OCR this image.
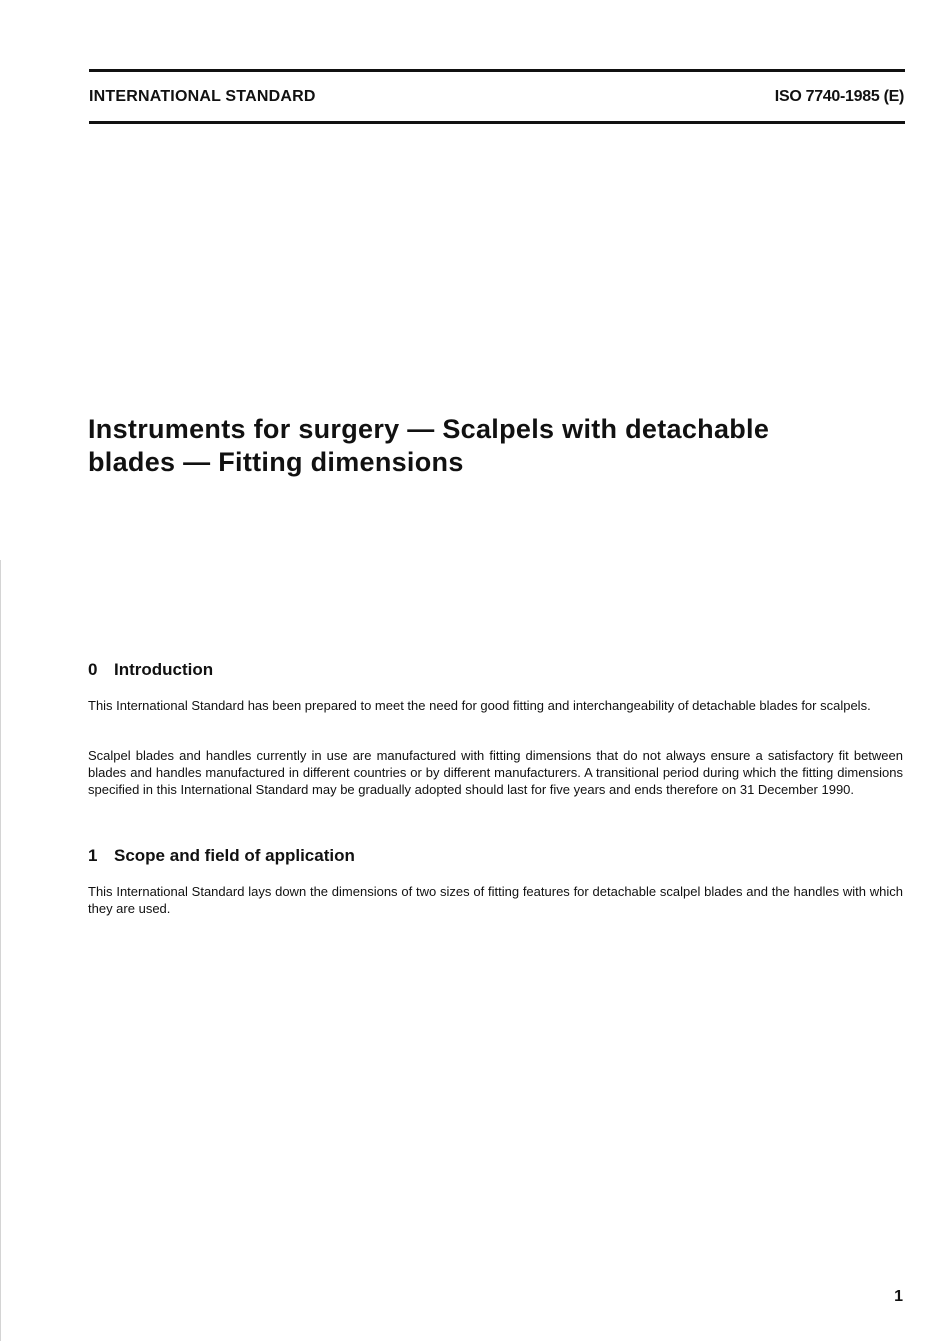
INTERNATIONAL STANDARD	ISO 7740-1985 (E)
Instruments for surgery — Scalpels with detachable
blades — Fitting dimensions
0 Introduction

This International Standard has been prepared to meet the need for good fitting and interchangeability of detachable blades for scalpels.

Scalpel blades and handles currently in use are manufactured with fitting dimensions that do not always ensure a satisfactory fit between blades and handles manufactured in different countries or by different manufacturers. A transitional period during which the fitting dimensions specified in this International Standard may be gradually adopted should last for five years and ends therefore on 31 December 1990.

1 Scope and field of application

This International Standard lays down the dimensions of two sizes of fitting features for detachable scalpel blades and the handles with which they are used.

1
